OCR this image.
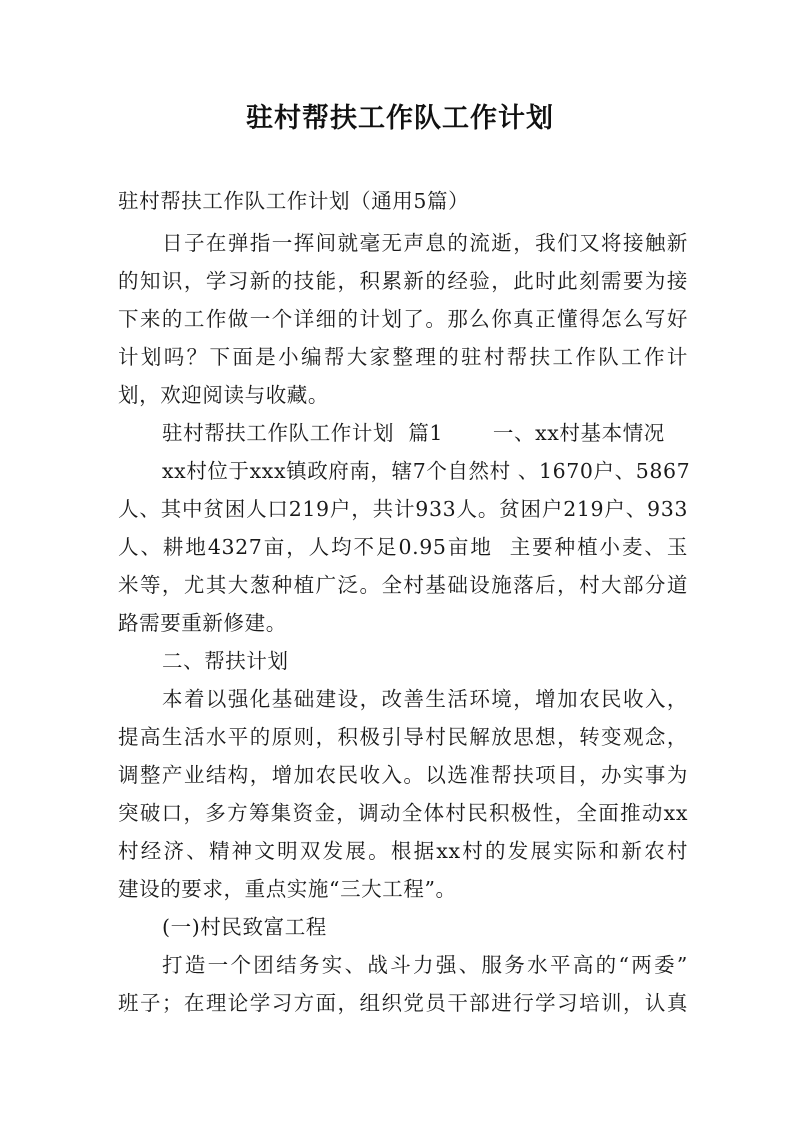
驻村帮扶工作队工作计划
驻村帮扶工作队工作计划（通用5篇）
日子在弹指一挥间就毫无声息的流逝，我们又将接触新
的知识，学习新的技能，积累新的经验，此时此刻需要为接
下来的工作做一个详细的计划了。那么你真正懂得怎么写好
计划吗？下面是小编帮大家整理的驻村帮扶工作队工作计
划，欢迎阅读与收藏。
驻村帮扶工作队工作计划  篇1       一、xx村基本情况
xx村位于xxx镇政府南，辖7个自然村 、1670户、5867
人、其中贫困人口219户，共计933人。贫困户219户、933
人、耕地4327亩，人均不足0.95亩地  主要种植小麦、玉
米等，尤其大葱种植广泛。全村基础设施落后，村大部分道
路需要重新修建。
二、帮扶计划
本着以强化基础建设，改善生活环境，增加农民收入，
提高生活水平的原则，积极引导村民解放思想，转变观念，
调整产业结构，增加农民收入。以选准帮扶项目，办实事为
突破口，多方筹集资金，调动全体村民积极性，全面推动xx
村经济、精神文明双发展。根据xx村的发展实际和新农村
建设的要求，重点实施“三大工程”。
(一)村民致富工程
打造一个团结务实、战斗力强、服务水平高的“两委”
班子；在理论学习方面，组织党员干部进行学习培训，认真
